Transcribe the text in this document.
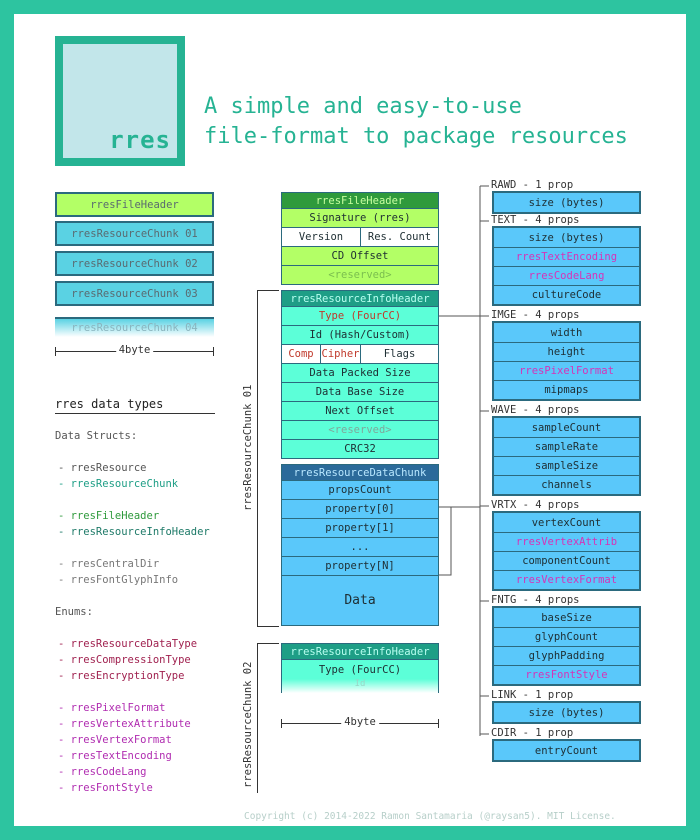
rres
A simple and easy-to-use
file-format to package resources
rresFileHeader
rresResourceChunk 01
rresResourceChunk 02
rresResourceChunk 03
rresResourceChunk 04
4byte
rres data types
Data Structs:
- rresResource
- rresResourceChunk
- rresFileHeader
- rresResourceInfoHeader
- rresCentralDir
- rresFontGlyphInfo
Enums:
- rresResourceDataType
- rresCompressionType
- rresEncryptionType
- rresPixelFormat
- rresVertexAttribute
- rresVertexFormat
- rresTextEncoding
- rresCodeLang
- rresFontStyle
rresFileHeader
Signature (rres)
Version	Res. Count
CD Offset
<reserved>
rresResourceChunk 01
rresResourceInfoHeader
Type (FourCC)
Id (Hash/Custom)
Comp Cipher	Flags
Data Packed Size
Data Base Size
Next Offset
<reserved>
CRC32
rresResourceDataChunk
propsCount
property[0]
property[1]
...
property[N]
Data
rresResourceChunk 02
rresResourceInfoHeader
Type (FourCC)
Id
4byte
RAWD - 1 prop
size (bytes)
TEXT - 4 props
size (bytes)
rresTextEncoding
rresCodeLang
cultureCode
IMGE - 4 props
width
height
rresPixelFormat
mipmaps
WAVE - 4 props
sampleCount
sampleRate
sampleSize
channels
VRTX - 4 props
vertexCount
rresVertexAttrib
componentCount
rresVertexFormat
FNTG - 4 props
baseSize
glyphCount
glyphPadding
rresFontStyle
LINK - 1 prop
size (bytes)
CDIR - 1 prop
entryCount
Copyright (c) 2014-2022 Ramon Santamaria (@raysan5). MIT License.
